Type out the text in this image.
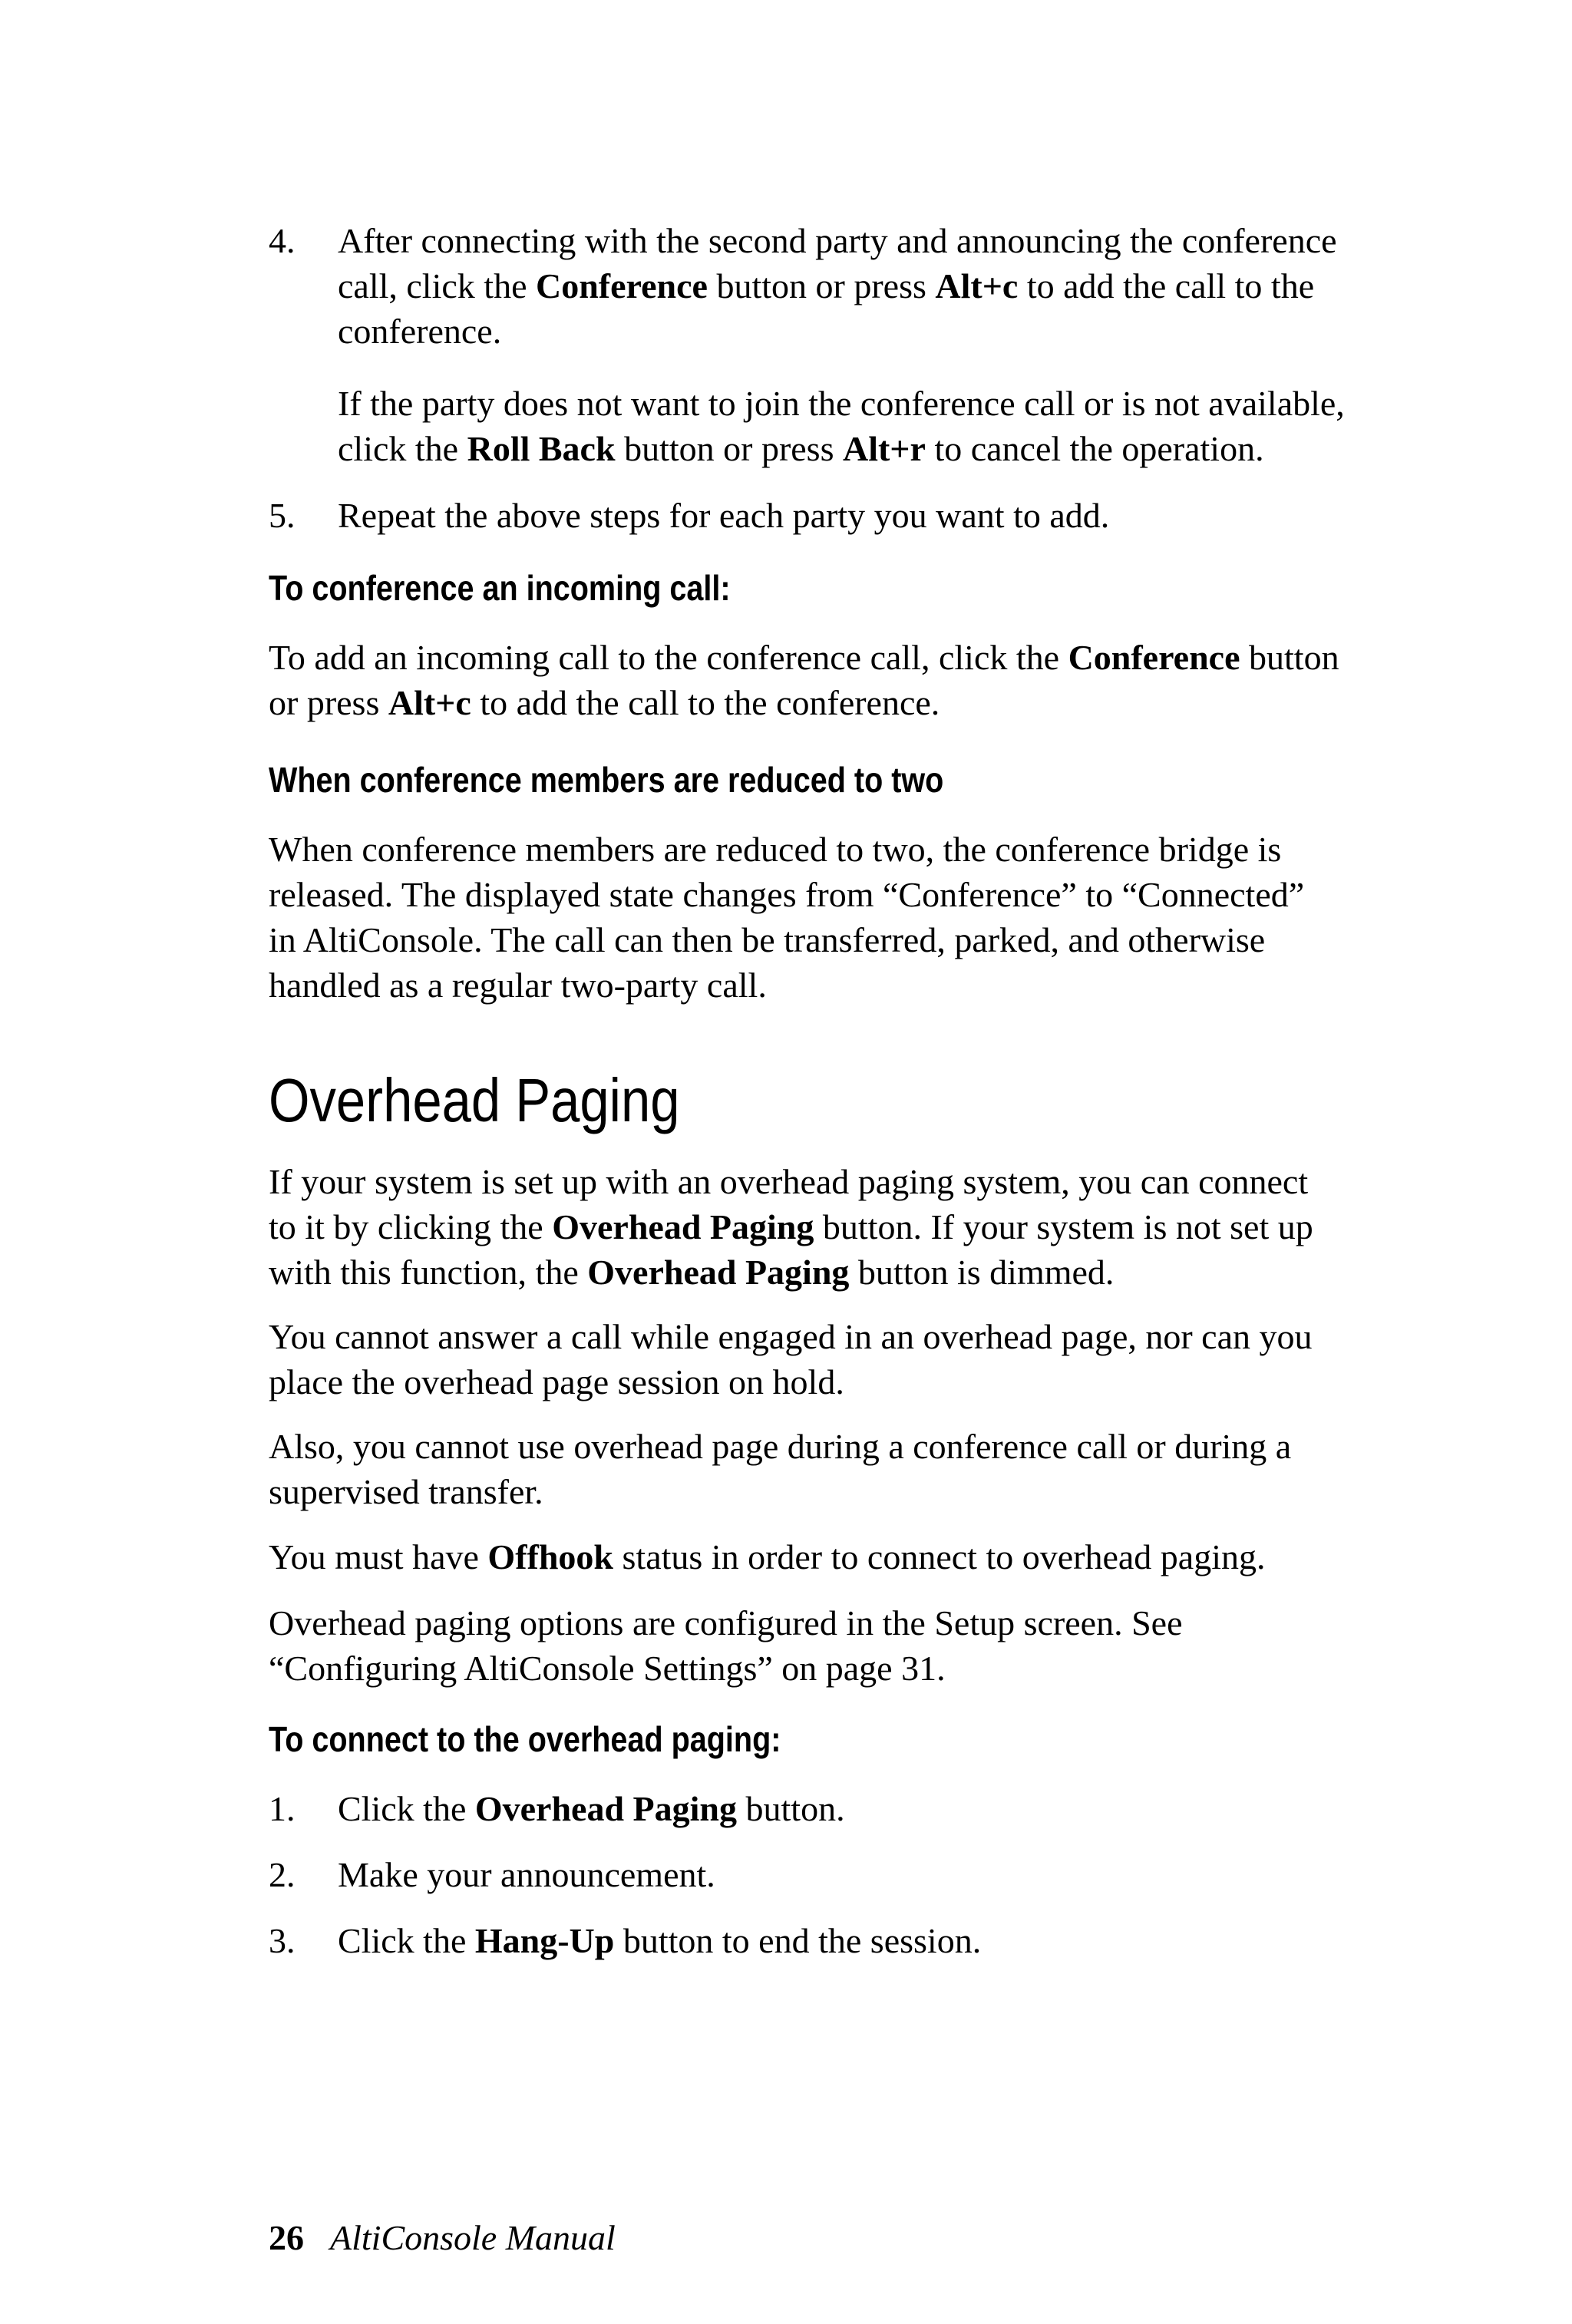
4. After connecting with the second party and announcing the conference
call, click the Conference button or press Alt+c to add the call to the
conference.
If the party does not want to join the conference call or is not available,
click the Roll Back button or press Alt+r to cancel the operation.
5. Repeat the above steps for each party you want to add.
To conference an incoming call:
To add an incoming call to the conference call, click the Conference button
or press Alt+c to add the call to the conference.
When conference members are reduced to two
When conference members are reduced to two, the conference bridge is
released. The displayed state changes from “Conference” to “Connected”
in AltiConsole. The call can then be transferred, parked, and otherwise
handled as a regular two-party call.
Overhead Paging
If your system is set up with an overhead paging system, you can connect
to it by clicking the Overhead Paging button. If your system is not set up
with this function, the Overhead Paging button is dimmed.
You cannot answer a call while engaged in an overhead page, nor can you
place the overhead page session on hold.
Also, you cannot use overhead page during a conference call or during a
supervised transfer.
You must have Offhook status in order to connect to overhead paging.
Overhead paging options are configured in the Setup screen. See
“Configuring AltiConsole Settings” on page 31.
To connect to the overhead paging:
1. Click the Overhead Paging button.
2. Make your announcement.
3. Click the Hang-Up button to end the session.
26 AltiConsole Manual
